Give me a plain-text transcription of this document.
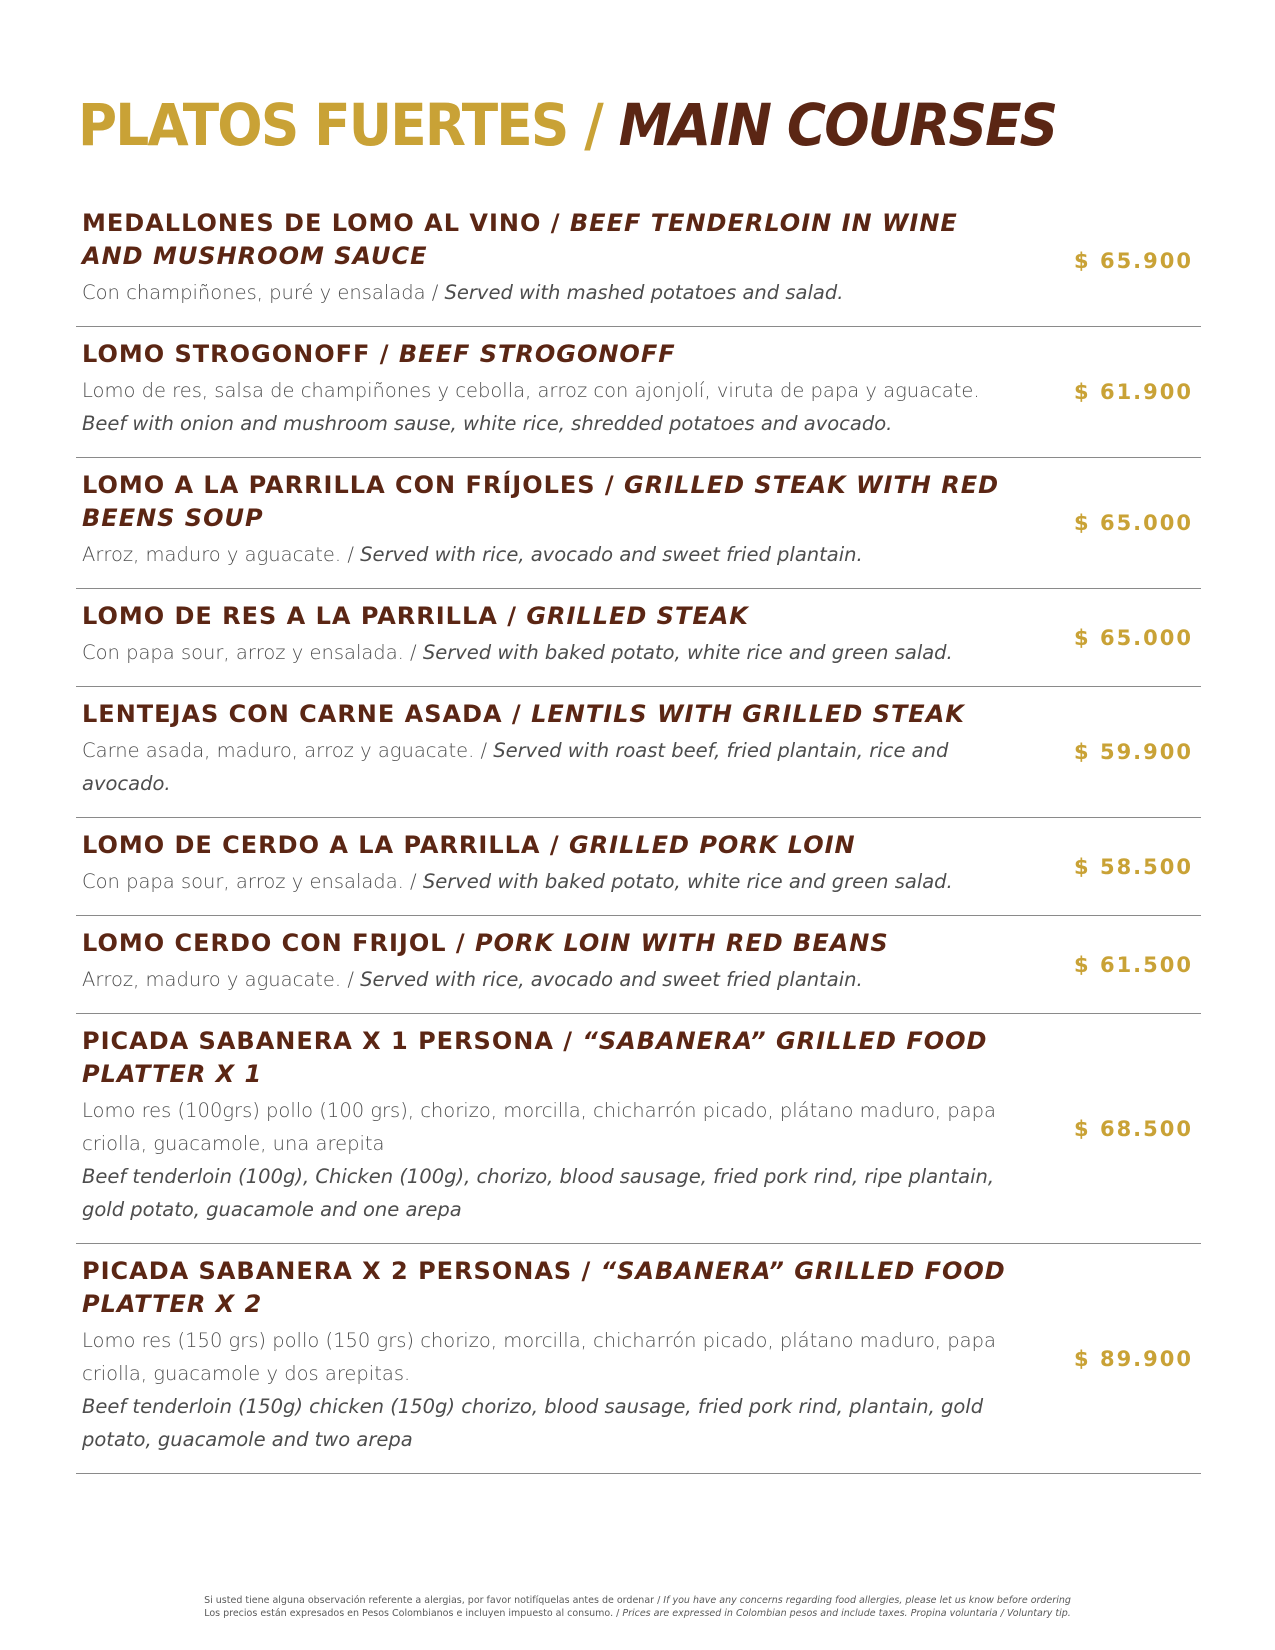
PLATOS FUERTES / MAIN COURSES
MEDALLONES DE LOMO AL VINO / BEEF TENDERLOIN IN WINE AND MUSHROOM SAUCE
Con champiñones, puré y ensalada / Served with mashed potatoes and salad.
$ 65.900
LOMO STROGONOFF / BEEF STROGONOFF
Lomo de res, salsa de champiñones y cebolla, arroz con ajonjolí, viruta de papa y aguacate.
Beef with onion and mushroom sause, white rice, shredded potatoes and avocado.
$ 61.900
LOMO A LA PARRILLA CON FRÍJOLES / GRILLED STEAK WITH RED BEENS SOUP
Arroz, maduro y aguacate. / Served with rice, avocado and sweet fried plantain.
$ 65.000
LOMO DE RES A LA PARRILLA / GRILLED STEAK
Con papa sour, arroz y ensalada. / Served with baked potato, white rice and green salad.
$ 65.000
LENTEJAS CON CARNE ASADA / LENTILS WITH GRILLED STEAK
Carne asada, maduro, arroz y aguacate. / Served with roast beef, fried plantain, rice and avocado.
$ 59.900
LOMO DE CERDO A LA PARRILLA / GRILLED PORK LOIN
Con papa sour, arroz y ensalada. / Served with baked potato, white rice and green salad.
$ 58.500
LOMO CERDO CON FRIJOL / PORK LOIN WITH RED BEANS
Arroz, maduro y aguacate. / Served with rice, avocado and sweet fried plantain.
$ 61.500
PICADA SABANERA X 1 PERSONA / “SABANERA” GRILLED FOOD PLATTER X 1
Lomo res (100grs) pollo (100 grs), chorizo, morcilla, chicharrón picado, plátano maduro, papa criolla, guacamole, una arepita
Beef tenderloin (100g), Chicken (100g), chorizo, blood sausage, fried pork rind, ripe plantain, gold potato, guacamole and one arepa
$ 68.500
PICADA SABANERA X 2 PERSONAS / “SABANERA” GRILLED FOOD PLATTER X 2
Lomo res (150 grs) pollo (150 grs) chorizo, morcilla, chicharrón picado, plátano maduro, papa criolla, guacamole y dos arepitas.
Beef tenderloin (150g) chicken (150g) chorizo, blood sausage, fried pork rind, plantain, gold potato, guacamole and two arepa
$ 89.900
Si usted tiene alguna observación referente a alergias, por favor notifíquelas antes de ordenar / If you have any concerns regarding food allergies, please let us know before ordering
Los precios están expresados en Pesos Colombianos e incluyen impuesto al consumo. / Prices are expressed in Colombian pesos and include taxes. Propina voluntaria / Voluntary tip.
